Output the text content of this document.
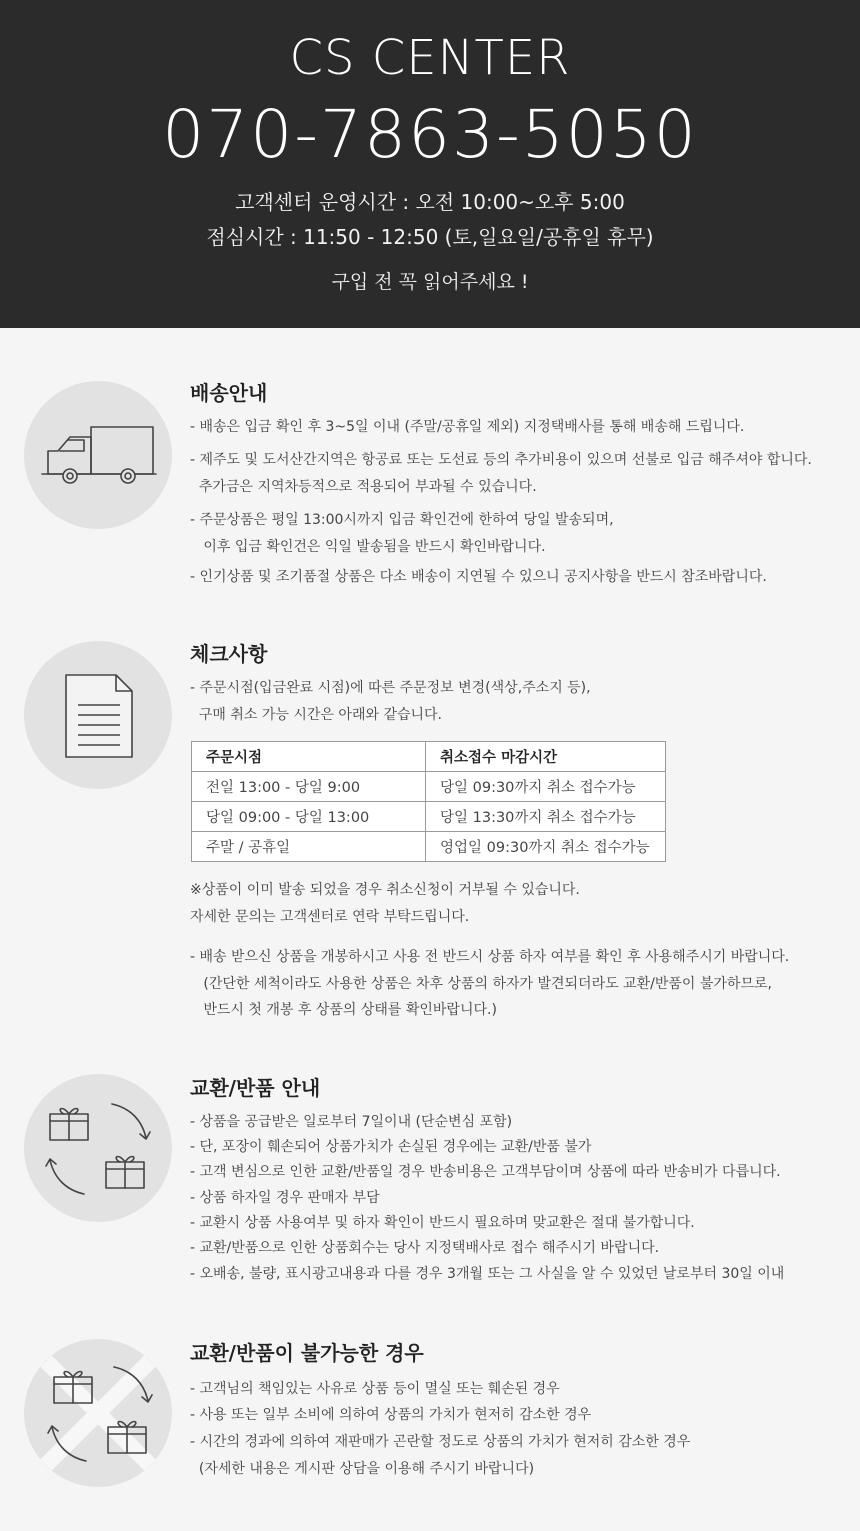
CS CENTER
070-7863-5050
고객센터 운영시간 : 오전 10:00~오후 5:00
점심시간 : 11:50 - 12:50 (토,일요일/공휴일 휴무)
구입 전 꼭 읽어주세요 !
배송안내
- 배송은 입금 확인 후 3~5일 이내 (주말/공휴일 제외) 지정택배사를 통해 배송해 드립니다.
- 제주도 및 도서산간지역은 항공료 또는 도선료 등의 추가비용이 있으며 선불로 입금 해주셔야 합니다.
추가금은 지역차등적으로 적용되어 부과될 수 있습니다.
- 주문상품은 평일 13:00시까지 입금 확인건에 한하여 당일 발송되며,
이후 입금 확인건은 익일 발송됨을 반드시 확인바랍니다.
- 인기상품 및 조기품절 상품은 다소 배송이 지연될 수 있으니 공지사항을 반드시 참조바랍니다.
체크사항
- 주문시점(입금완료 시점)에 따른 주문정보 변경(색상,주소지 등),
구매 취소 가능 시간은 아래와 같습니다.
주문시점	취소접수 마감시간
전일 13:00 - 당일 9:00	당일 09:30까지 취소 접수가능
당일 09:00 - 당일 13:00	당일 13:30까지 취소 접수가능
주말 / 공휴일	영업일 09:30까지 취소 접수가능
※상품이 이미 발송 되었을 경우 취소신청이 거부될 수 있습니다.
자세한 문의는 고객센터로 연락 부탁드립니다.
- 배송 받으신 상품을 개봉하시고 사용 전 반드시 상품 하자 여부를 확인 후 사용해주시기 바랍니다.
(간단한 세척이라도 사용한 상품은 차후 상품의 하자가 발견되더라도 교환/반품이 불가하므로,
반드시 첫 개봉 후 상품의 상태를 확인바랍니다.)
교환/반품 안내
- 상품을 공급받은 일로부터 7일이내 (단순변심 포함)
- 단, 포장이 훼손되어 상품가치가 손실된 경우에는 교환/반품 불가
- 고객 변심으로 인한 교환/반품일 경우 반송비용은 고객부담이며 상품에 따라 반송비가 다릅니다.
- 상품 하자일 경우 판매자 부담
- 교환시 상품 사용여부 및 하자 확인이 반드시 필요하며 맞교환은 절대 불가합니다.
- 교환/반품으로 인한 상품회수는 당사 지정택배사로 접수 해주시기 바랍니다.
- 오배송, 불량, 표시광고내용과 다를 경우 3개월 또는 그 사실을 알 수 있었던 날로부터 30일 이내
교환/반품이 불가능한 경우
- 고객님의 책임있는 사유로 상품 등이 멸실 또는 훼손된 경우
- 사용 또는 일부 소비에 의하여 상품의 가치가 현저히 감소한 경우
- 시간의 경과에 의하여 재판매가 곤란할 정도로 상품의 가치가 현저히 감소한 경우
(자세한 내용은 게시판 상담을 이용해 주시기 바랍니다)
